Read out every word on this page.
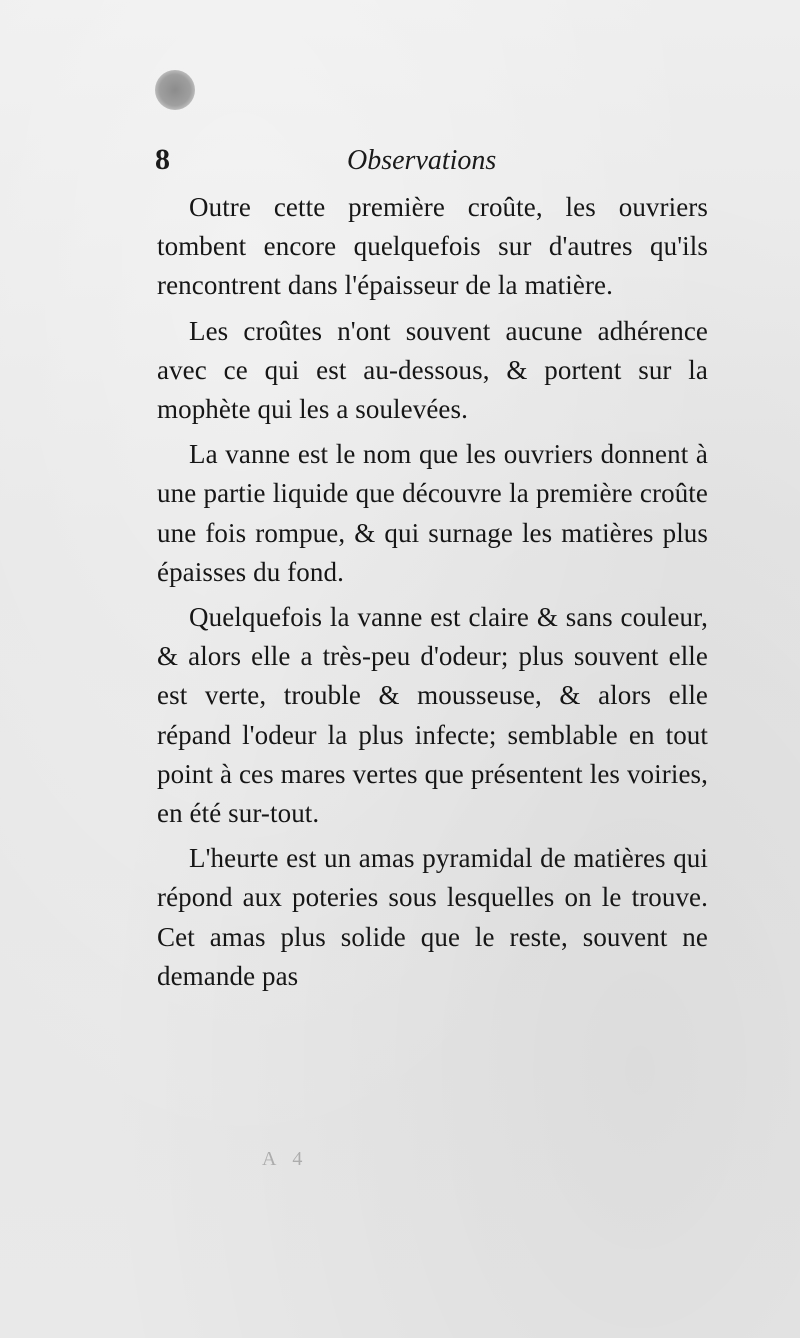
8	Observations

Outre cette première croûte, les ouvriers tombent encore quelquefois sur d'autres qu'ils rencontrent dans l'épaisseur de la matière.

Les croûtes n'ont souvent aucune adhérence avec ce qui est au-dessous, & portent sur la mophète qui les a soulevées.

La vanne est le nom que les ouvriers donnent à une partie liquide que découvre la première croûte une fois rompue, & qui surnage les matières plus épaisses du fond.

Quelquefois la vanne est claire & sans couleur, & alors elle a très-peu d'odeur; plus souvent elle est verte, trouble & mousseuse, & alors elle répand l'odeur la plus infecte; semblable en tout point à ces mares vertes que présentent les voiries, en été sur-tout.

L'heurte est un amas pyramidal de matières qui répond aux poteries sous lesquelles on le trouve. Cet amas plus solide que le reste, souvent ne demande pas

A 4
